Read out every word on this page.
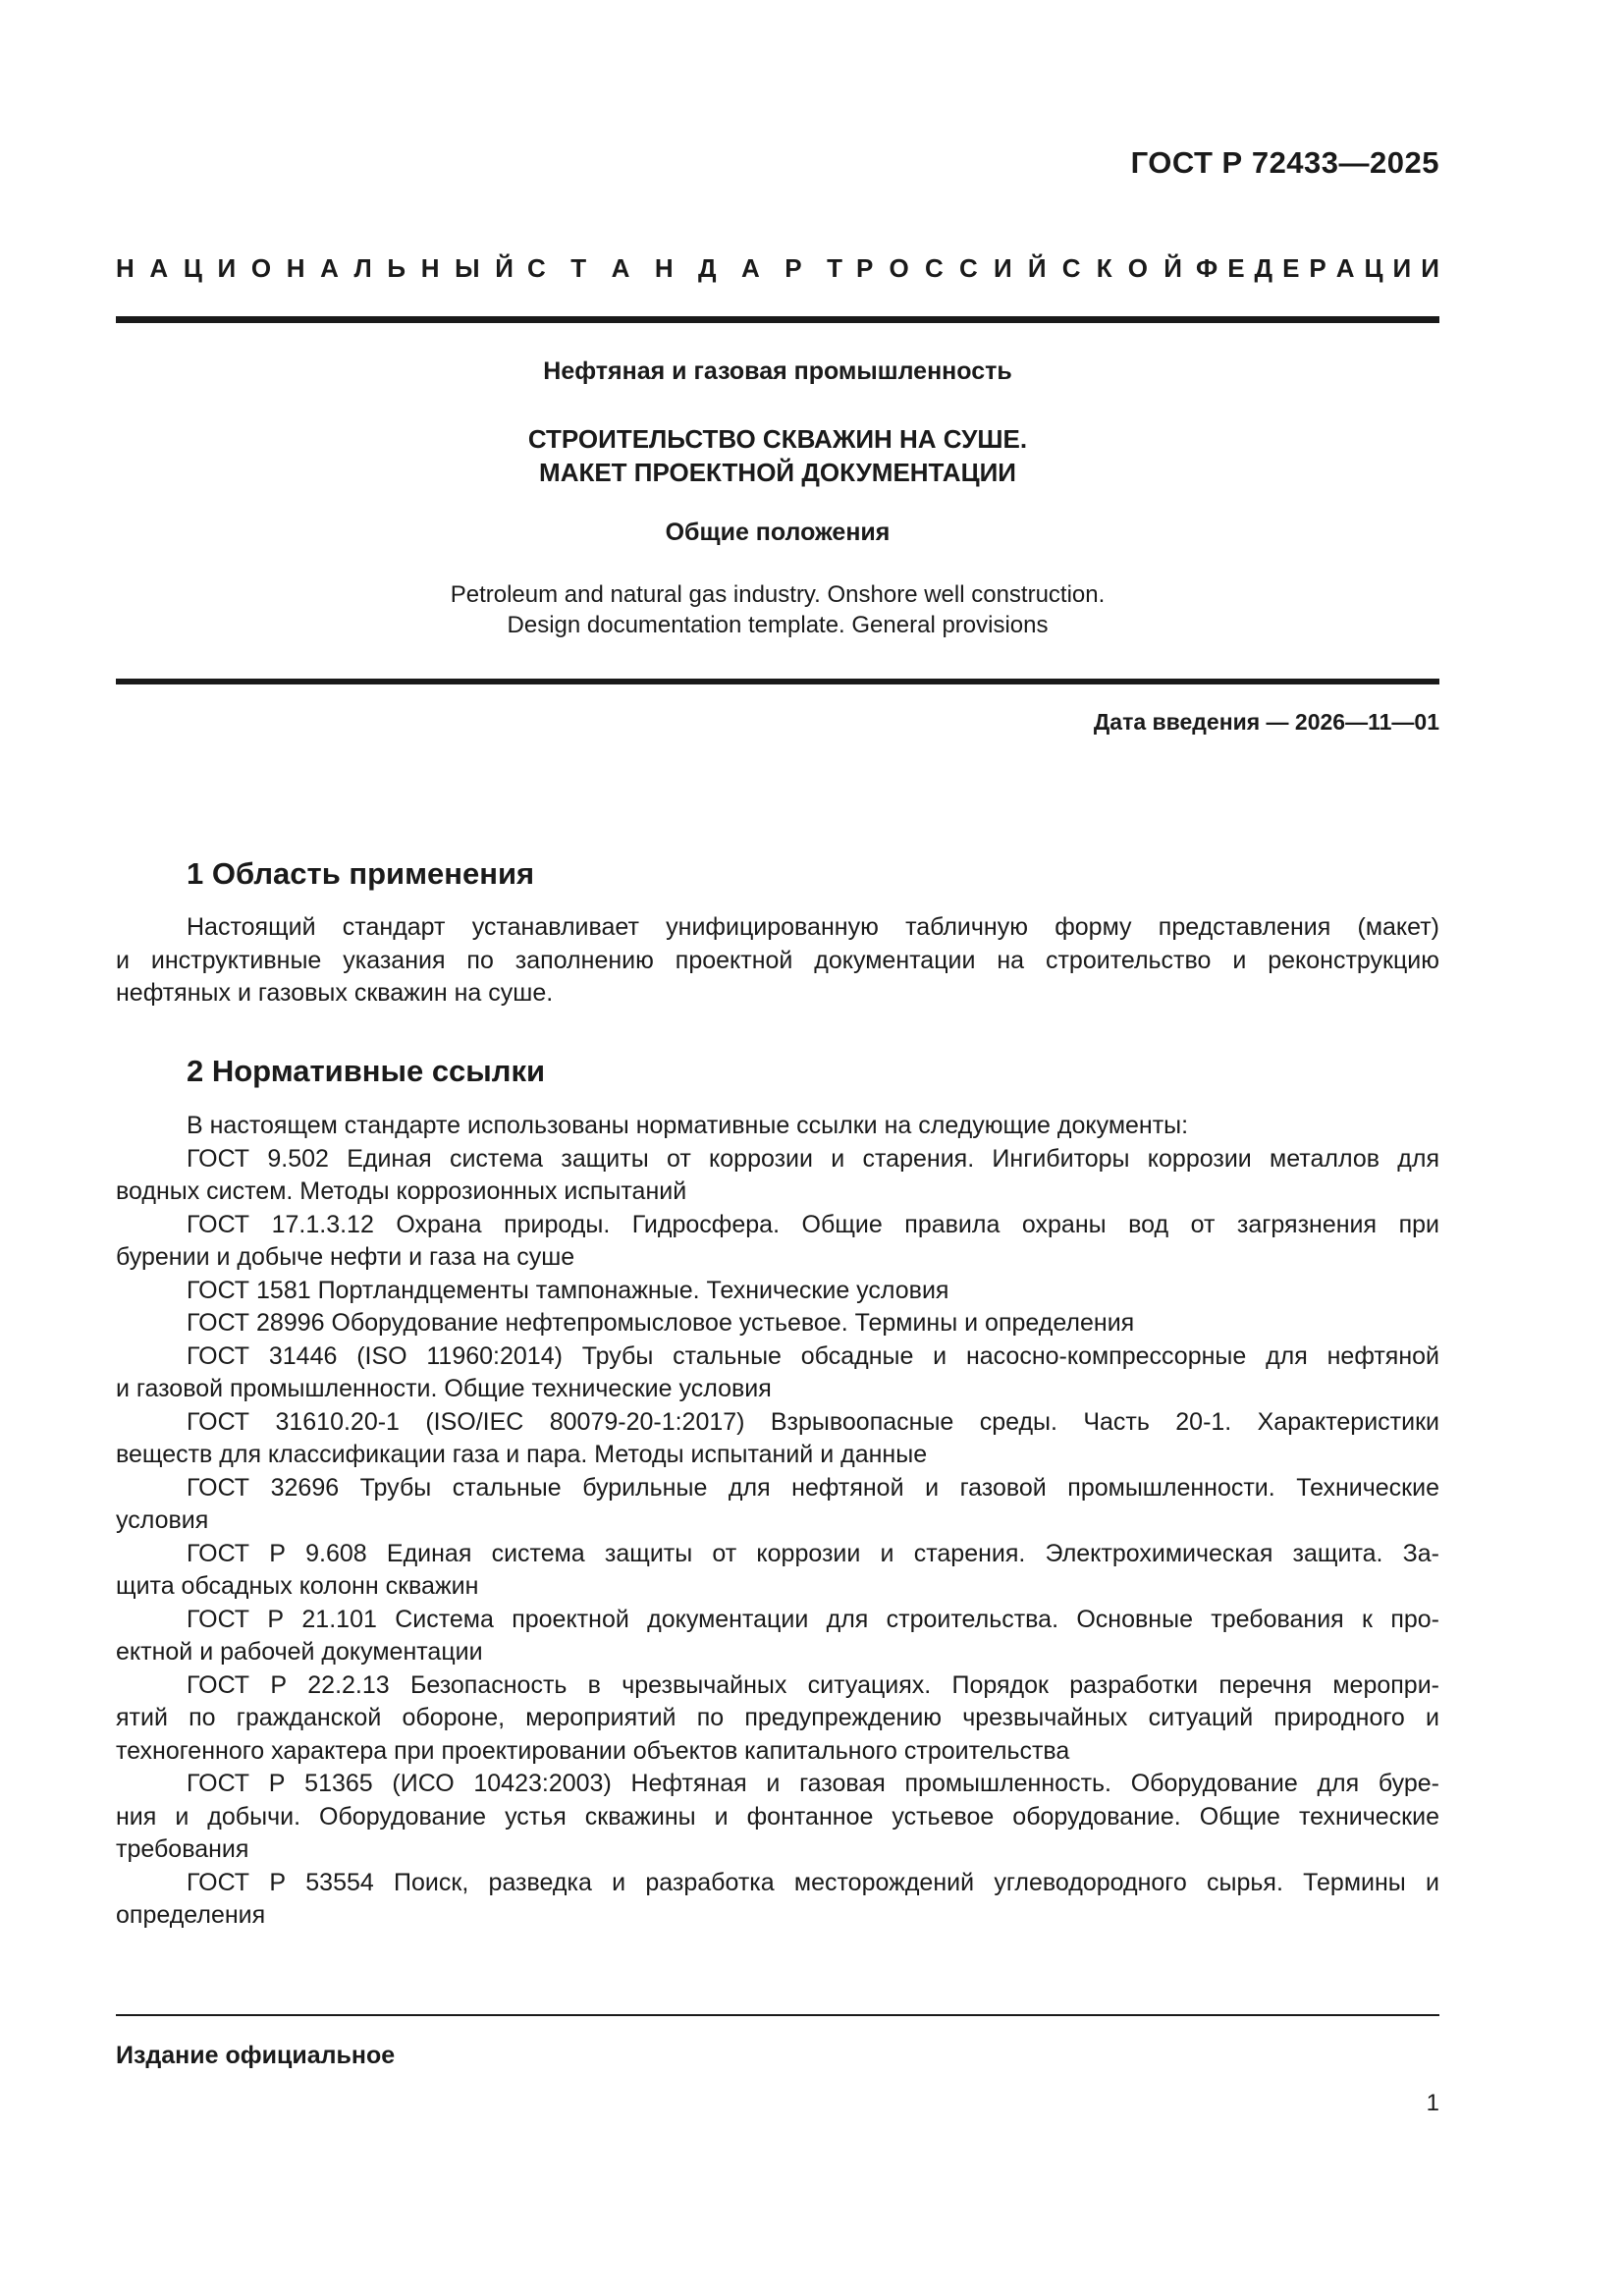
ГОСТ Р 72433—2025
Н А Ц И О Н А Л Ь Н Ы Й С Т А Н Д А Р Т Р О С С И Й С К О Й Ф Е Д Е Р А Ц И И
Нефтяная и газовая промышленность
СТРОИТЕЛЬСТВО СКВАЖИН НА СУШЕ.
МАКЕТ ПРОЕКТНОЙ ДОКУМЕНТАЦИИ
Общие положения
Petroleum and natural gas industry. Onshore well construction.
Design documentation template. General provisions
Дата введения — 2026—11—01
1 Область применения
Настоящий стандарт устанавливает унифицированную табличную форму представления (макет)
и инструктивные указания по заполнению проектной документации на строительство и реконструкцию
нефтяных и газовых скважин на суше.
2 Нормативные ссылки
В настоящем стандарте использованы нормативные ссылки на следующие документы:
ГОСТ 9.502 Единая система защиты от коррозии и старения. Ингибиторы коррозии металлов для
водных систем. Методы коррозионных испытаний
ГОСТ 17.1.3.12 Охрана природы. Гидросфера. Общие правила охраны вод от загрязнения при
бурении и добыче нефти и газа на суше
ГОСТ 1581 Портландцементы тампонажные. Технические условия
ГОСТ 28996 Оборудование нефтепромысловое устьевое. Термины и определения
ГОСТ 31446 (ISO 11960:2014) Трубы стальные обсадные и насосно-компрессорные для нефтяной
и газовой промышленности. Общие технические условия
ГОСТ 31610.20-1 (ISO/IEC 80079-20-1:2017) Взрывоопасные среды. Часть 20-1. Характеристики
веществ для классификации газа и пара. Методы испытаний и данные
ГОСТ 32696 Трубы стальные бурильные для нефтяной и газовой промышленности. Технические
условия
ГОСТ Р 9.608 Единая система защиты от коррозии и старения. Электрохимическая защита. За-
щита обсадных колонн скважин
ГОСТ Р 21.101 Система проектной документации для строительства. Основные требования к про-
ектной и рабочей документации
ГОСТ Р 22.2.13 Безопасность в чрезвычайных ситуациях. Порядок разработки перечня меропри-
ятий по гражданской обороне, мероприятий по предупреждению чрезвычайных ситуаций природного и
техногенного характера при проектировании объектов капитального строительства
ГОСТ Р 51365 (ИСО 10423:2003) Нефтяная и газовая промышленность. Оборудование для буре-
ния и добычи. Оборудование устья скважины и фонтанное устьевое оборудование. Общие технические
требования
ГОСТ Р 53554 Поиск, разведка и разработка месторождений углеводородного сырья. Термины и
определения
Издание официальное
1
